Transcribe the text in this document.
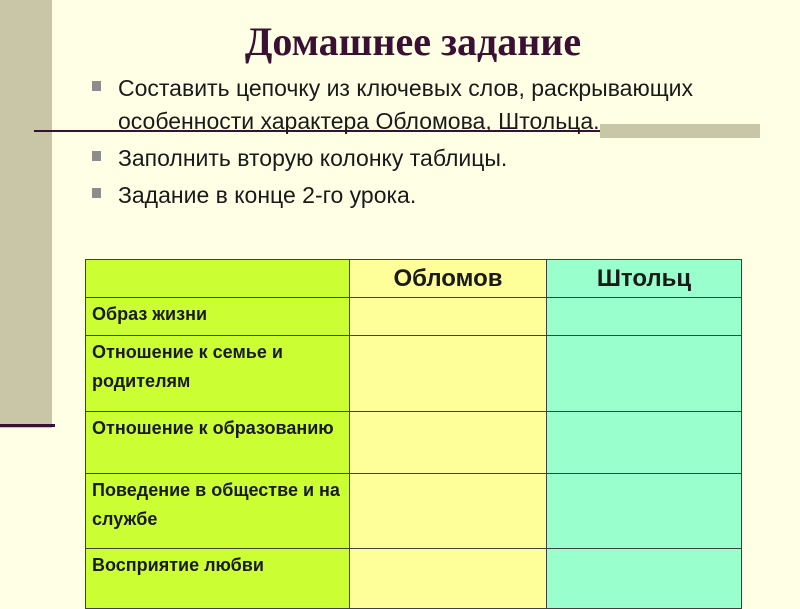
Домашнее задание
Составить цепочку из ключевых слов, раскрывающих особенности характера Обломова, Штольца.
Заполнить вторую колонку таблицы.
Задание в конце 2-го урока.
	Обломов	Штольц
Образ жизни		
Отношение к семье и родителям		
Отношение к образованию		
Поведение в обществе и на службе		
Восприятие любви		
